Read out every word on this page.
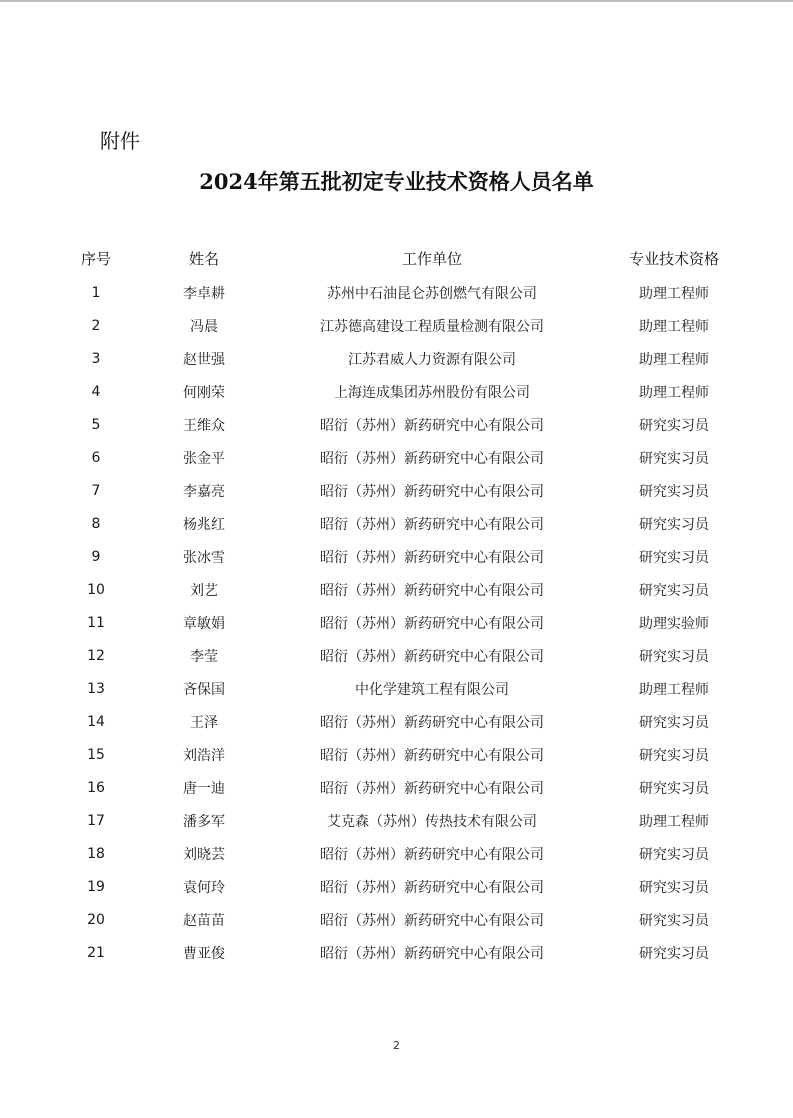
附件
2024年第五批初定专业技术资格人员名单
序号	姓名	工作单位	专业技术资格
1	李卓耕	苏州中石油昆仑苏创燃气有限公司	助理工程师
2	冯晨	江苏德高建设工程质量检测有限公司	助理工程师
3	赵世强	江苏君威人力资源有限公司	助理工程师
4	何刚荣	上海连成集团苏州股份有限公司	助理工程师
5	王维众	昭衍（苏州）新药研究中心有限公司	研究实习员
6	张金平	昭衍（苏州）新药研究中心有限公司	研究实习员
7	李嘉亮	昭衍（苏州）新药研究中心有限公司	研究实习员
8	杨兆红	昭衍（苏州）新药研究中心有限公司	研究实习员
9	张冰雪	昭衍（苏州）新药研究中心有限公司	研究实习员
10	刘艺	昭衍（苏州）新药研究中心有限公司	研究实习员
11	章敏娟	昭衍（苏州）新药研究中心有限公司	助理实验师
12	李莹	昭衍（苏州）新药研究中心有限公司	研究实习员
13	吝保国	中化学建筑工程有限公司	助理工程师
14	王泽	昭衍（苏州）新药研究中心有限公司	研究实习员
15	刘浩洋	昭衍（苏州）新药研究中心有限公司	研究实习员
16	唐一迪	昭衍（苏州）新药研究中心有限公司	研究实习员
17	潘多军	艾克森（苏州）传热技术有限公司	助理工程师
18	刘晓芸	昭衍（苏州）新药研究中心有限公司	研究实习员
19	袁何玲	昭衍（苏州）新药研究中心有限公司	研究实习员
20	赵苗苗	昭衍（苏州）新药研究中心有限公司	研究实习员
21	曹亚俊	昭衍（苏州）新药研究中心有限公司	研究实习员
2
